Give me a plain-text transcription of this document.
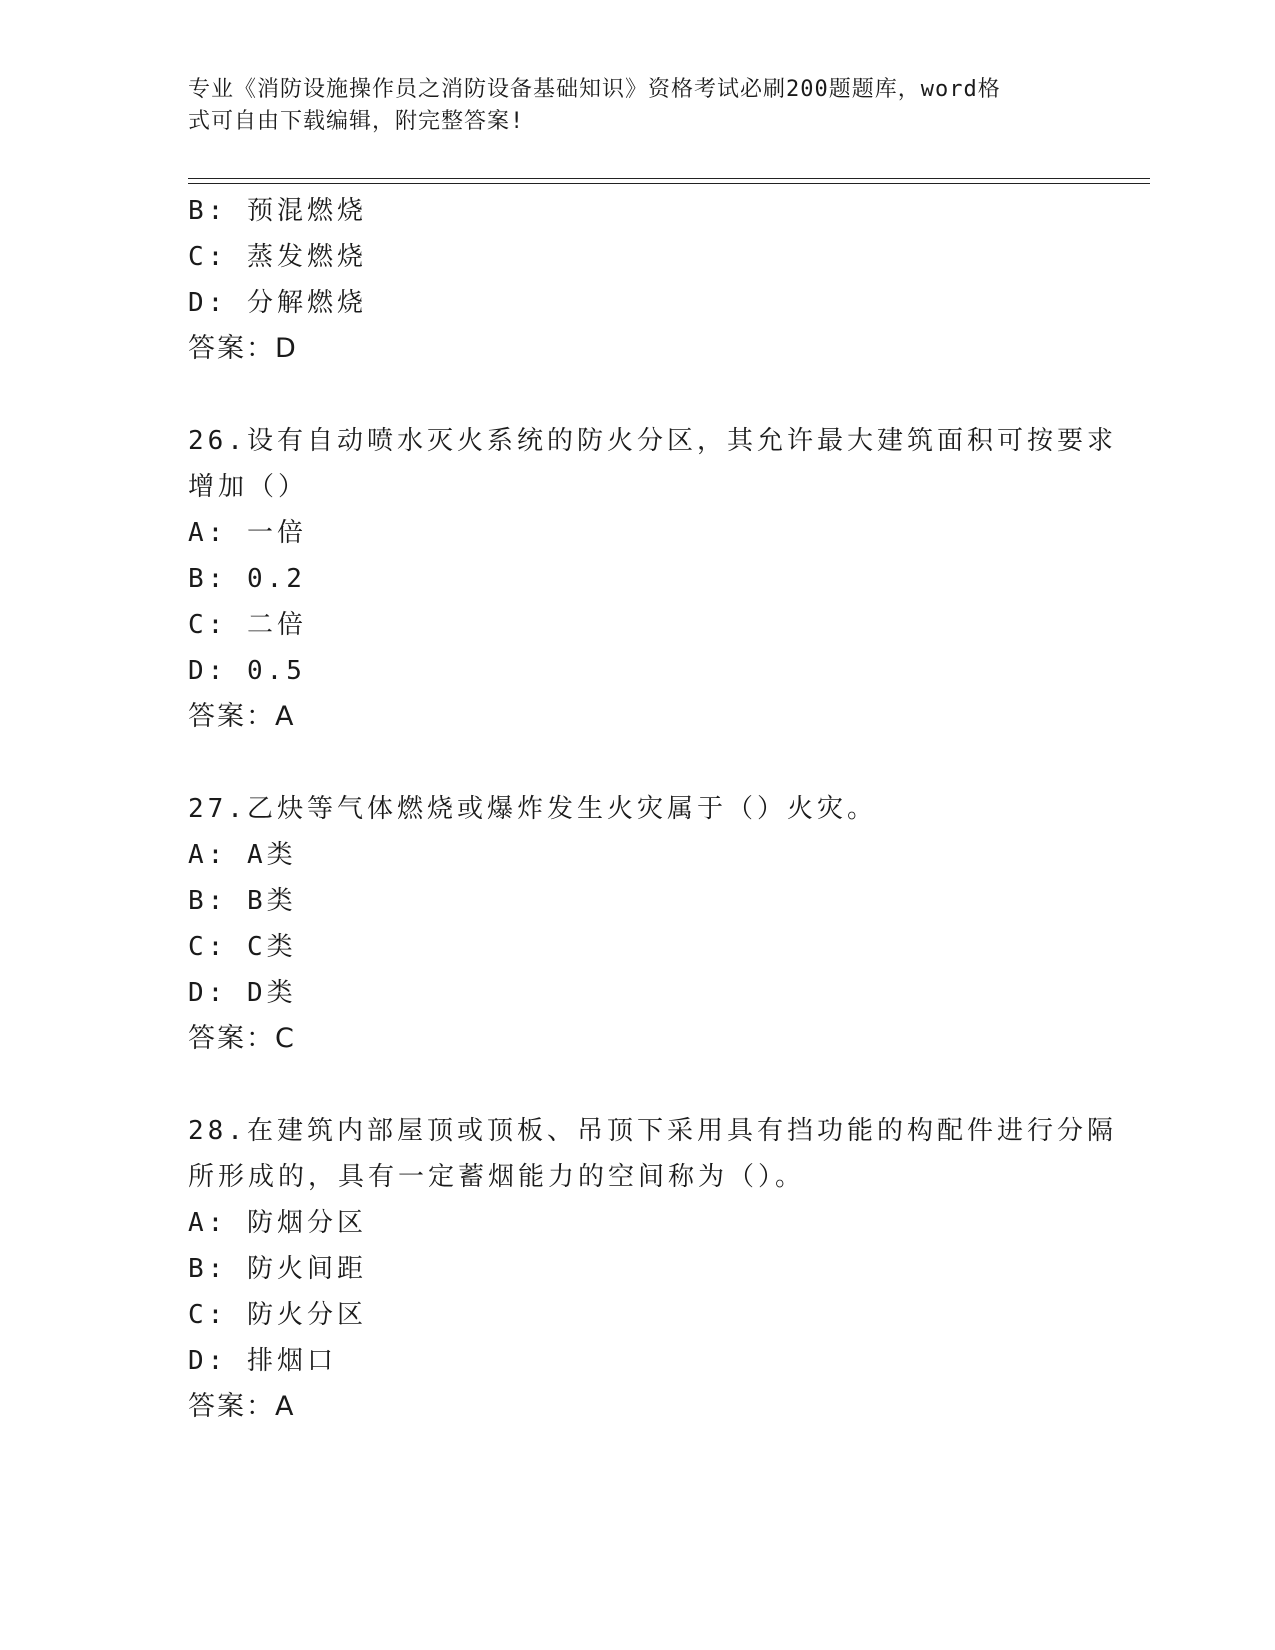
专业《消防设施操作员之消防设备基础知识》资格考试必刷200题题库，word格
式可自由下载编辑，附完整答案!
B: 预混燃烧
C: 蒸发燃烧
D: 分解燃烧
答案：D
26.设有自动喷水灭火系统的防火分区，其允许最大建筑面积可按要求
增加（）
A: 一倍
B: 0.2
C: 二倍
D: 0.5
答案：A
27.乙炔等气体燃烧或爆炸发生火灾属于（）火灾。
A: A类
B: B类
C: C类
D: D类
答案：C
28.在建筑内部屋顶或顶板、吊顶下采用具有挡功能的构配件进行分隔
所形成的，具有一定蓄烟能力的空间称为（）。
A: 防烟分区
B: 防火间距
C: 防火分区
D: 排烟口
答案：A
